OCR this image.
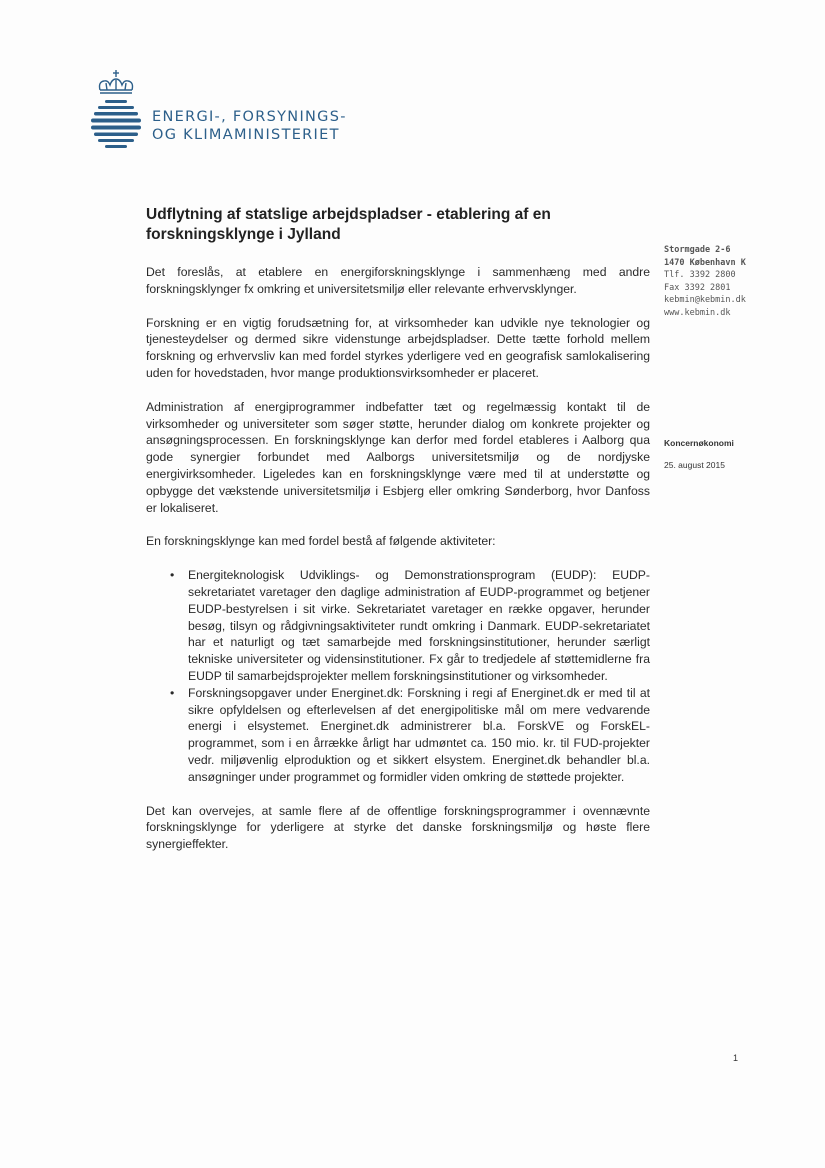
ENERGI-, FORSYNINGS-
OG KLIMAMINISTERIET
Udflytning af statslige arbejdspladser - etablering af en forskningsklynge i Jylland
Stormgade 2-6
1470 København K
Tlf. 3392 2800
Fax 3392 2801
kebmin@kebmin.dk
www.kebmin.dk
Koncernøkonomi
25. august 2015

Det foreslås, at etablere en energiforskningsklynge i sammenhæng med andre forskningsklynger fx omkring et universitetsmiljø eller relevante erhvervsklynger.

Forskning er en vigtig forudsætning for, at virksomheder kan udvikle nye teknologier og tjenesteydelser og dermed sikre videnstunge arbejdspladser. Dette tætte forhold mellem forskning og erhvervsliv kan med fordel styrkes yderligere ved en geografisk samlokalisering uden for hovedstaden, hvor mange produktionsvirksomheder er placeret.

Administration af energiprogrammer indbefatter tæt og regelmæssig kontakt til de virksomheder og universiteter som søger støtte, herunder dialog om konkrete projekter og ansøgningsprocessen. En forskningsklynge kan derfor med fordel etableres i Aalborg qua gode synergier forbundet med Aalborgs universitetsmiljø og de nordjyske energivirksomheder. Ligeledes kan en forskningsklynge være med til at understøtte og opbygge det vækstende universitetsmiljø i Esbjerg eller omkring Sønderborg, hvor Danfoss er lokaliseret.

En forskningsklynge kan med fordel bestå af følgende aktiviteter:

• Energiteknologisk Udviklings- og Demonstrationsprogram (EUDP): EUDP-sekretariatet varetager den daglige administration af EUDP-programmet og betjener EUDP-bestyrelsen i sit virke. Sekretariatet varetager en række opgaver, herunder besøg, tilsyn og rådgivningsaktiviteter rundt omkring i Danmark. EUDP-sekretariatet har et naturligt og tæt samarbejde med forskningsinstitutioner, herunder særligt tekniske universiteter og vidensinstitutioner. Fx går to tredjedele af støttemidlerne fra EUDP til samarbejdsprojekter mellem forskningsinstitutioner og virksomheder.
• Forskningsopgaver under Energinet.dk: Forskning i regi af Energinet.dk er med til at sikre opfyldelsen og efterlevelsen af det energipolitiske mål om mere vedvarende energi i elsystemet. Energinet.dk administrerer bl.a. ForskVE og ForskEL-programmet, som i en årrække årligt har udmøntet ca. 150 mio. kr. til FUD-projekter vedr. miljøvenlig elproduktion og et sikkert elsystem. Energinet.dk behandler bl.a. ansøgninger under programmet og formidler viden omkring de støttede projekter.

Det kan overvejes, at samle flere af de offentlige forskningsprogrammer i ovennævnte forskningsklynge for yderligere at styrke det danske forskningsmiljø og høste flere synergieffekter.

1
